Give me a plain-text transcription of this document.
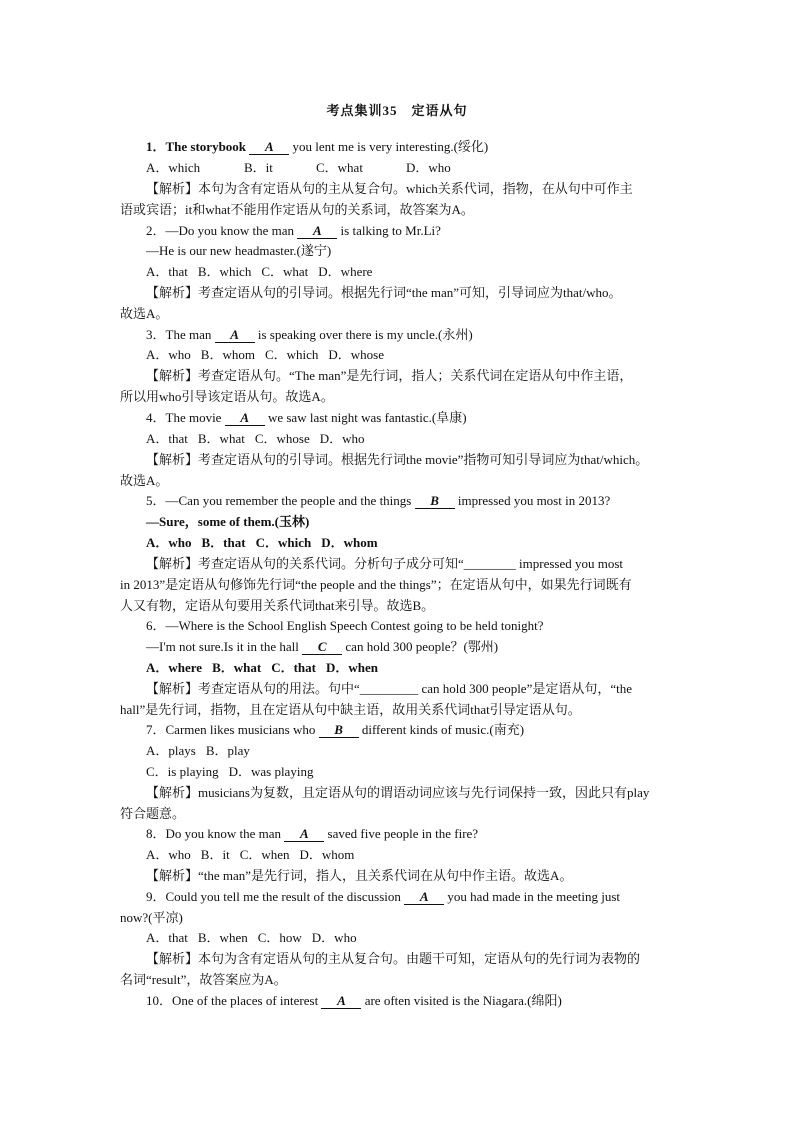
考点集训35　定语从句
1．The storybook A you lent me is very interesting.(绥化)
A．which	B．it	C．what	D．who
【解析】本句为含有定语从句的主从复合句。which关系代词，指物，在从句中可作主
语或宾语；it和what不能用作定语从句的关系词，故答案为A。
2．—Do you know the man A is talking to Mr.Li?
—He is our new headmaster.(遂宁)
A．that B．which C．what D．where
【解析】考查定语从句的引导词。根据先行词“the man”可知，引导词应为that/who。
故选A。
3．The man A is speaking over there is my uncle.(永州)
A．who B．whom C．which D．whose
【解析】考查定语从句。“The man”是先行词，指人；关系代词在定语从句中作主语，
所以用who引导该定语从句。故选A。
4．The movie A we saw last night was fantastic.(阜康)
A．that B．what C．whose D．who
【解析】考查定语从句的引导词。根据先行词the movie”指物可知引导词应为that/which。
故选A。
5．—Can you remember the people and the things B impressed you most in 2013?
—Sure，some of them.(玉林)
A．who B．that C．which D．whom
【解析】考查定语从句的关系代词。分析句子成分可知“________ impressed you most
in 2013”是定语从句修饰先行词“the people and the things”；在定语从句中，如果先行词既有
人又有物，定语从句要用关系代词that来引导。故选B。
6．—Where is the School English Speech Contest going to be held tonight?
—I'm not sure.Is it in the hall C can hold 300 people？(鄂州)
A．where B．what C．that D．when
【解析】考查定语从句的用法。句中“_________ can hold 300 people”是定语从句，“the
hall”是先行词，指物，且在定语从句中缺主语，故用关系代词that引导定语从句。
7．Carmen likes musicians who B different kinds of music.(南充)
A．plays B．play
C．is playing D．was playing
【解析】musicians为复数，且定语从句的谓语动词应该与先行词保持一致，因此只有play
符合题意。
8．Do you know the man A saved five people in the fire?
A．who B．it C．when D．whom
【解析】“the man”是先行词，指人，且关系代词在从句中作主语。故选A。
9．Could you tell me the result of the discussion A you had made in the meeting just
now?(平凉)
A．that B．when C．how D．who
【解析】本句为含有定语从句的主从复合句。由题干可知，定语从句的先行词为表物的
名词“result”，故答案应为A。
10．One of the places of interest A are often visited is the Niagara.(绵阳)
